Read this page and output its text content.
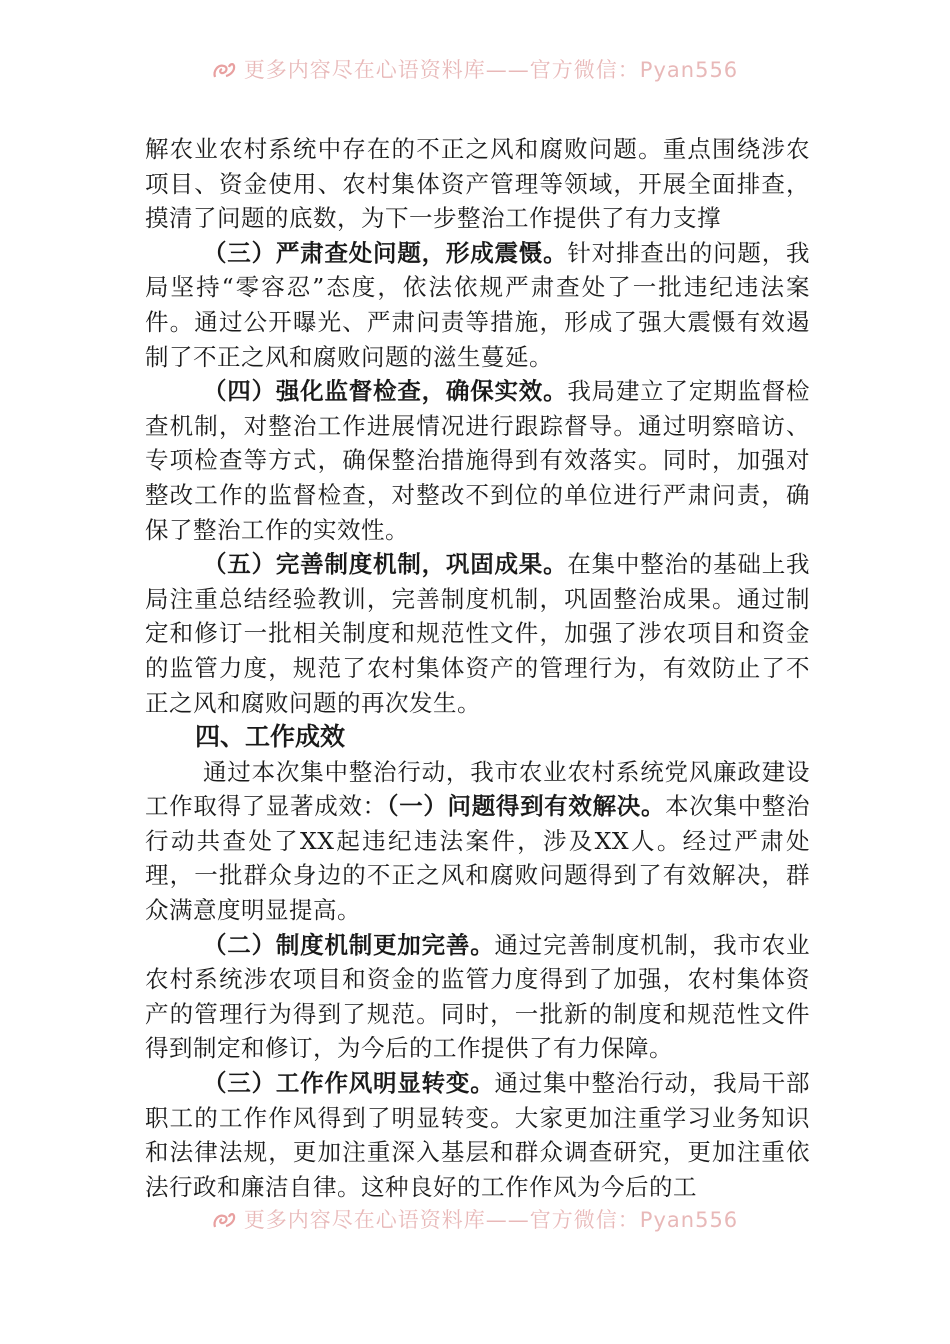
更多内容尽在心语资料库——官方微信：Pyan556

解农业农村系统中存在的不正之风和腐败问题。重点围绕涉农项目、资金使用、农村集体资产管理等领域，开展全面排查，摸清了问题的底数，为下一步整治工作提供了有力支撑

（三）严肃查处问题，形成震慑。针对排查出的问题，我局坚持“零容忍”态度，依法依规严肃查处了一批违纪违法案件。通过公开曝光、严肃问责等措施，形成了强大震慑有效遏制了不正之风和腐败问题的滋生蔓延。

（四）强化监督检查，确保实效。我局建立了定期监督检查机制，对整治工作进展情况进行跟踪督导。通过明察暗访、专项检查等方式，确保整治措施得到有效落实。同时，加强对整改工作的监督检查，对整改不到位的单位进行严肃问责，确保了整治工作的实效性。

（五）完善制度机制，巩固成果。在集中整治的基础上我局注重总结经验教训，完善制度机制，巩固整治成果。通过制定和修订一批相关制度和规范性文件，加强了涉农项目和资金的监管力度，规范了农村集体资产的管理行为，有效防止了不正之风和腐败问题的再次发生。

四、工作成效

通过本次集中整治行动，我市农业农村系统党风廉政建设工作取得了显著成效：（一）问题得到有效解决。本次集中整治行动共查处了XX起违纪违法案件，涉及XX人。经过严肃处理，一批群众身边的不正之风和腐败问题得到了有效解决，群众满意度明显提高。

（二）制度机制更加完善。通过完善制度机制，我市农业农村系统涉农项目和资金的监管力度得到了加强，农村集体资产的管理行为得到了规范。同时，一批新的制度和规范性文件得到制定和修订，为今后的工作提供了有力保障。

（三）工作作风明显转变。通过集中整治行动，我局干部职工的工作作风得到了明显转变。大家更加注重学习业务知识和法律法规，更加注重深入基层和群众调查研究，更加注重依法行政和廉洁自律。这种良好的工作作风为今后的工

更多内容尽在心语资料库——官方微信：Pyan556
